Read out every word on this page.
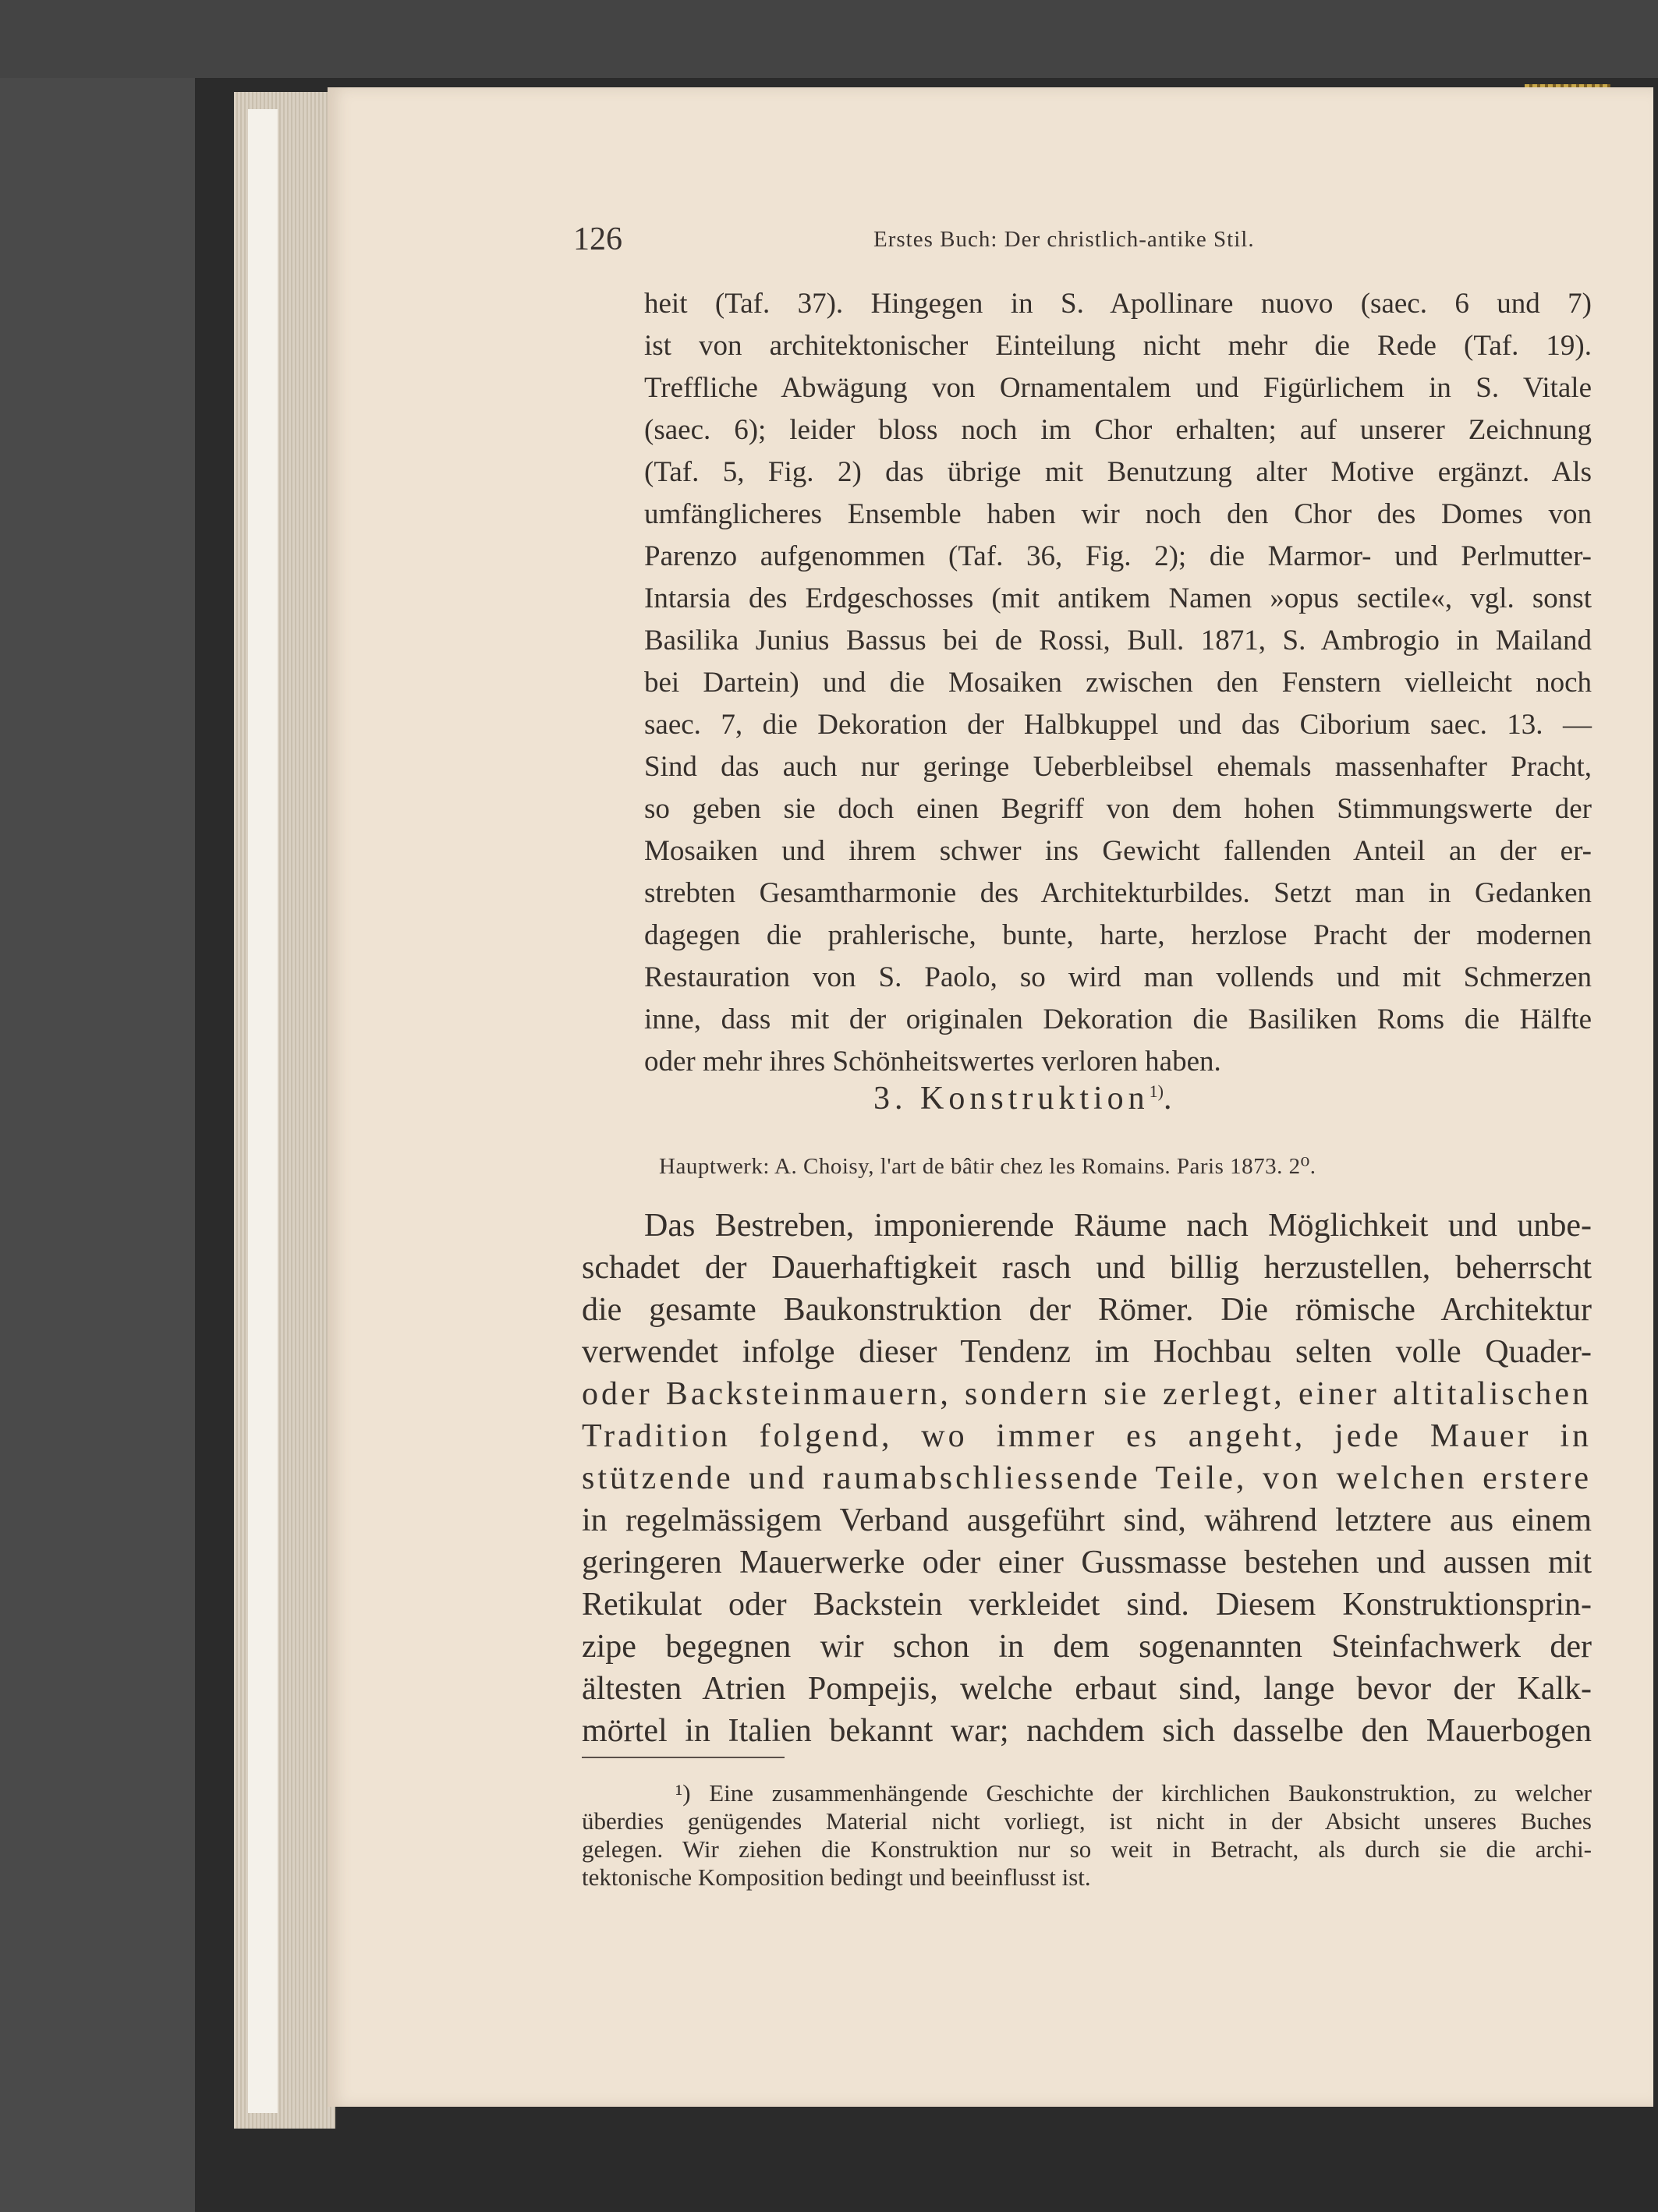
126	Erstes Buch: Der christlich-antike Stil.
heit (Taf. 37). Hingegen in S. Apollinare nuovo (saec. 6 und 7)
ist von architektonischer Einteilung nicht mehr die Rede (Taf. 19).
Treffliche Abwägung von Ornamentalem und Figürlichem in S. Vitale
(saec. 6); leider bloss noch im Chor erhalten; auf unserer Zeichnung
(Taf. 5, Fig. 2) das übrige mit Benutzung alter Motive ergänzt. Als
umfänglicheres Ensemble haben wir noch den Chor des Domes von
Parenzo aufgenommen (Taf. 36, Fig. 2); die Marmor- und Perlmutter-
Intarsia des Erdgeschosses (mit antikem Namen »opus sectile«, vgl. sonst
Basilika Junius Bassus bei de Rossi, Bull. 1871, S. Ambrogio in Mailand
bei Dartein) und die Mosaiken zwischen den Fenstern vielleicht noch
saec. 7, die Dekoration der Halbkuppel und das Ciborium saec. 13. —
Sind das auch nur geringe Ueberbleibsel ehemals massenhafter Pracht,
so geben sie doch einen Begriff von dem hohen Stimmungswerte der
Mosaiken und ihrem schwer ins Gewicht fallenden Anteil an der er-
strebten Gesamtharmonie des Architekturbildes. Setzt man in Gedanken
dagegen die prahlerische, bunte, harte, herzlose Pracht der modernen
Restauration von S. Paolo, so wird man vollends und mit Schmerzen
inne, dass mit der originalen Dekoration die Basiliken Roms die Hälfte
oder mehr ihres Schönheitswertes verloren haben.
3. Konstruktion$^{1)}$.
Hauptwerk: A. Choisy, l'art de bâtir chez les Romains. Paris 1873. 2⁰.
Das Bestreben, imponierende Räume nach Möglichkeit und unbe-
schadet der Dauerhaftigkeit rasch und billig herzustellen, beherrscht
die gesamte Baukonstruktion der Römer. Die römische Architektur
verwendet infolge dieser Tendenz im Hochbau selten volle Quader-
oder Backsteinmauern, sondern sie zerlegt, einer altitalischen
Tradition folgend, wo immer es angeht, jede Mauer in
stützende und raumabschliessende Teile, von welchen erstere
in regelmässigem Verband ausgeführt sind, während letztere aus einem
geringeren Mauerwerke oder einer Gussmasse bestehen und aussen mit
Retikulat oder Backstein verkleidet sind. Diesem Konstruktionsprin-
zipe begegnen wir schon in dem sogenannten Steinfachwerk der
ältesten Atrien Pompejis, welche erbaut sind, lange bevor der Kalk-
mörtel in Italien bekannt war; nachdem sich dasselbe den Mauerbogen
¹) Eine zusammenhängende Geschichte der kirchlichen Baukonstruktion, zu welcher
überdies genügendes Material nicht vorliegt, ist nicht in der Absicht unseres Buches
gelegen. Wir ziehen die Konstruktion nur so weit in Betracht, als durch sie die archi-
tektonische Komposition bedingt und beeinflusst ist.
